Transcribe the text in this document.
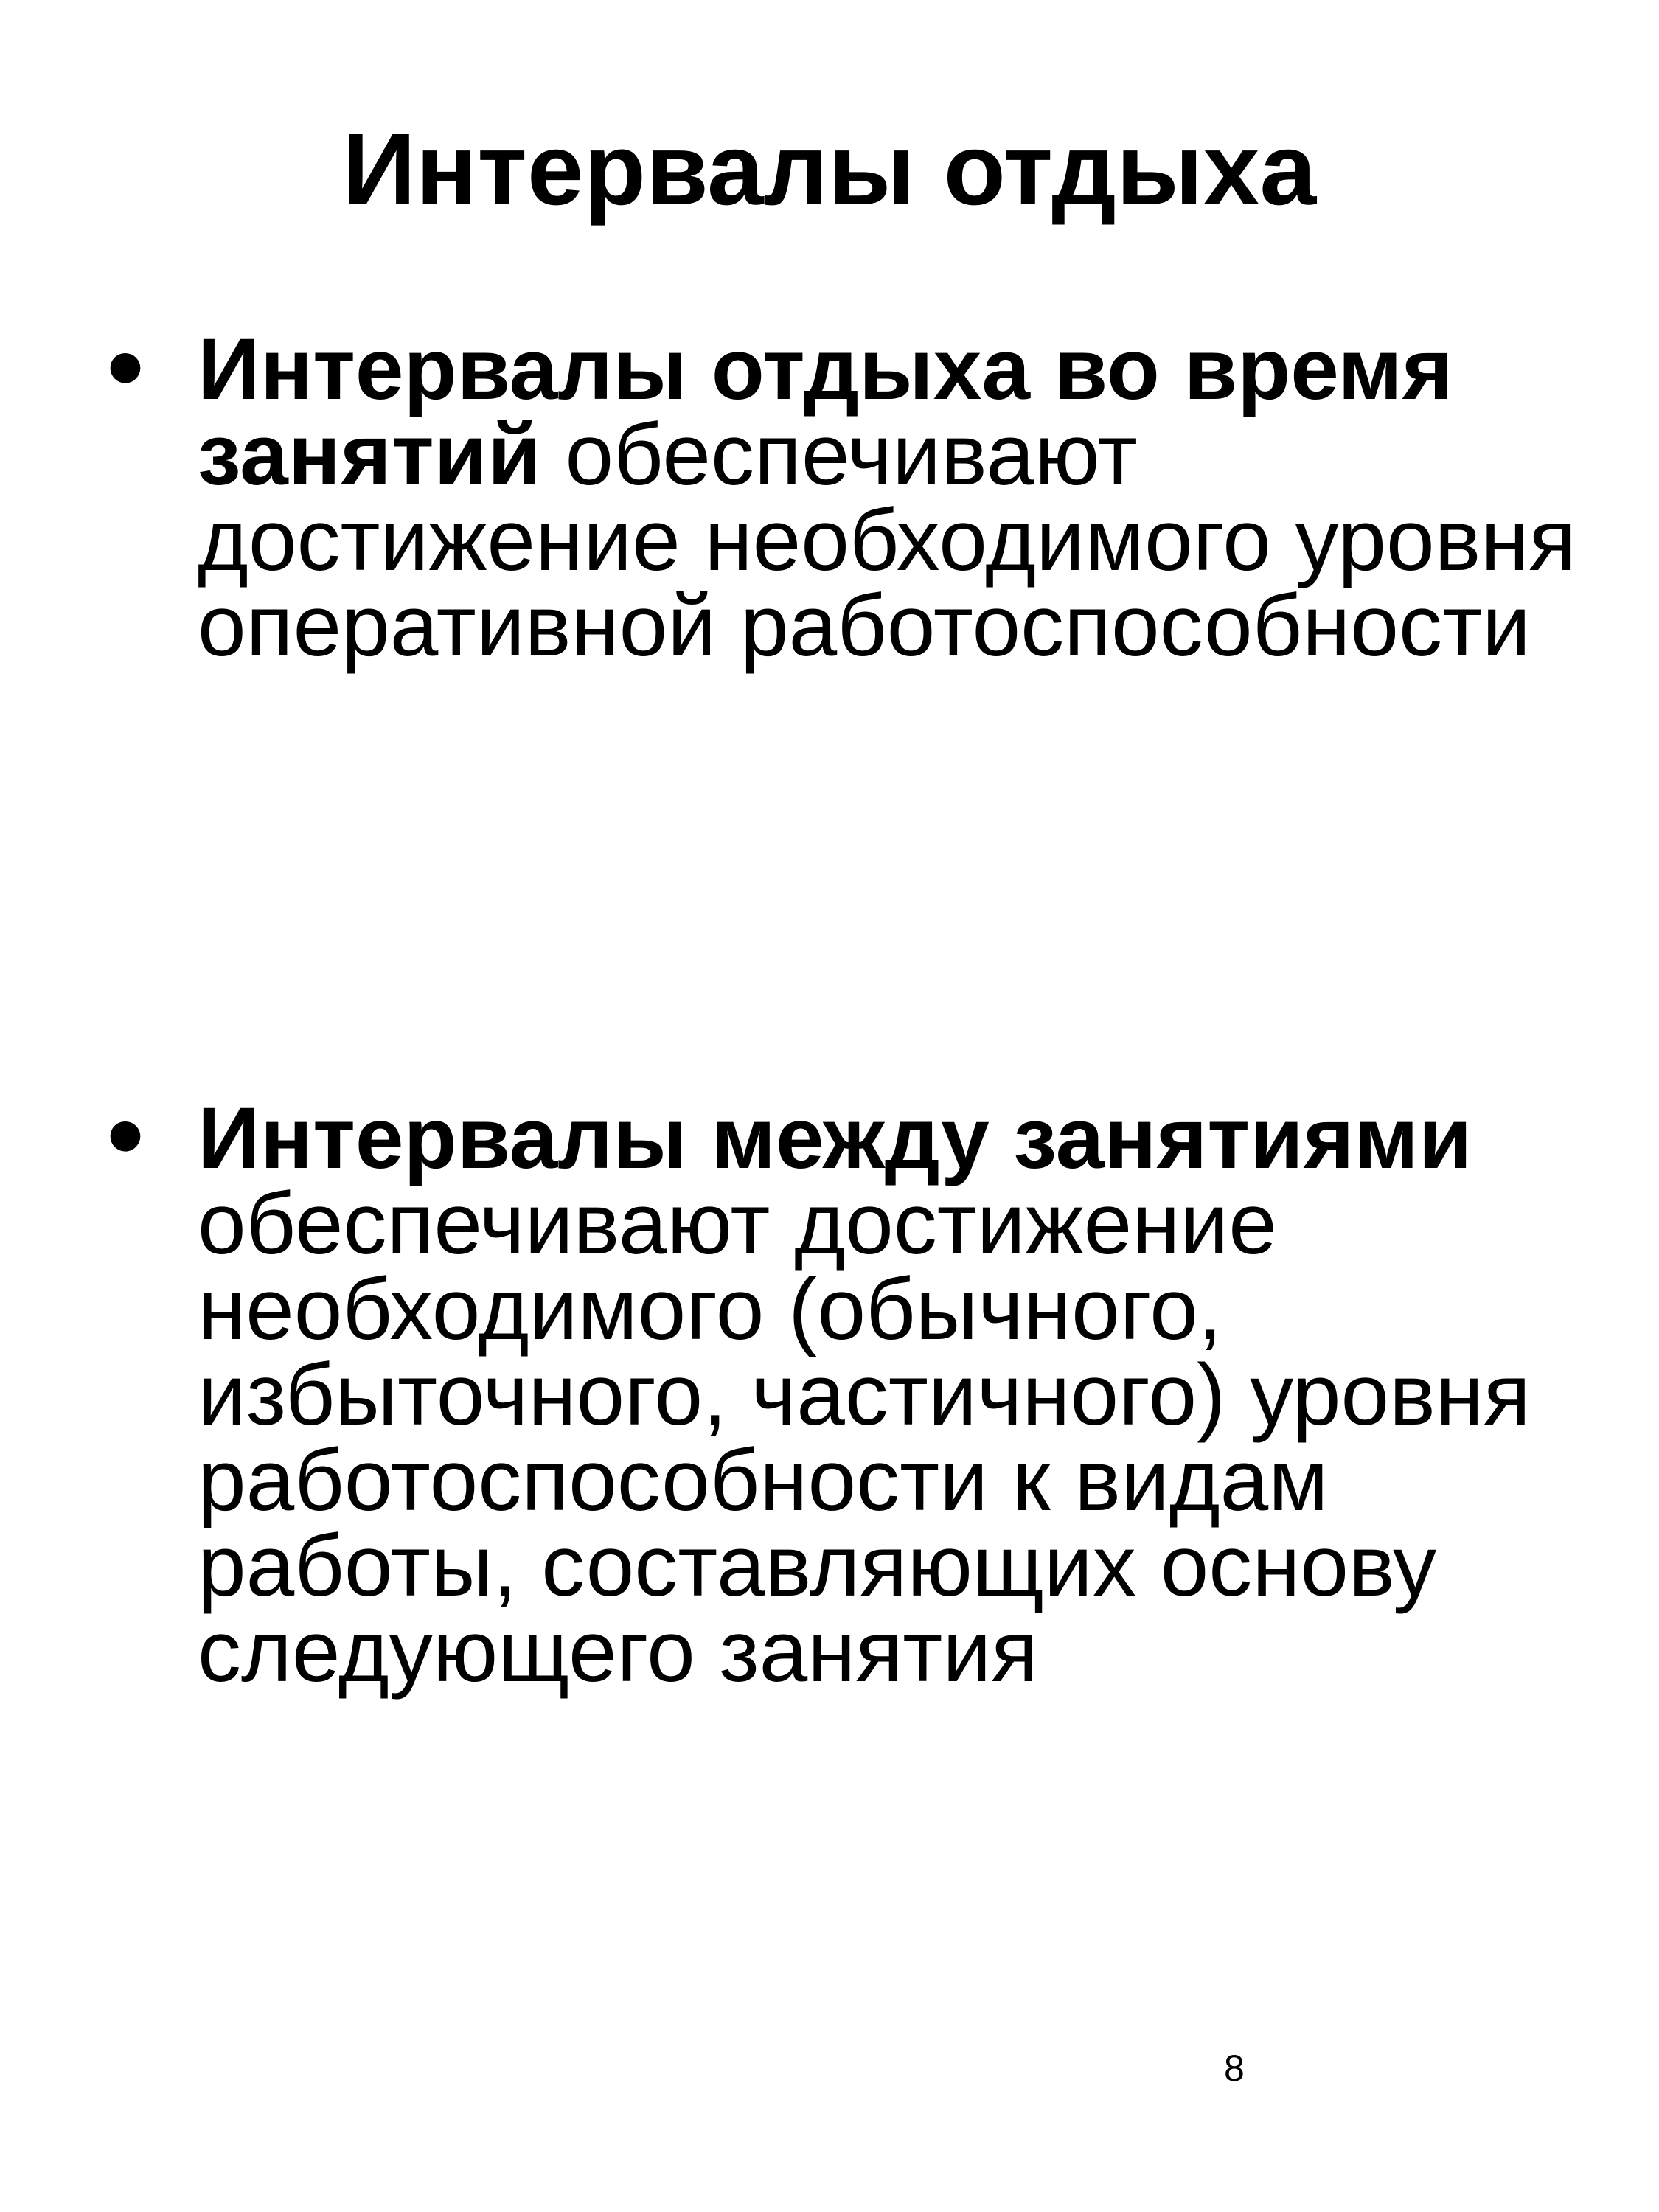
Интервалы отдыха
• Интервалы отдыха во время занятий обеспечивают достижение необходимого уровня оперативной работоспособности

• Интервалы между занятиями обеспечивают достижение необходимого (обычного, избыточного, частичного) уровня работоспособности к видам работы, составляющих основу следующего занятия

8
